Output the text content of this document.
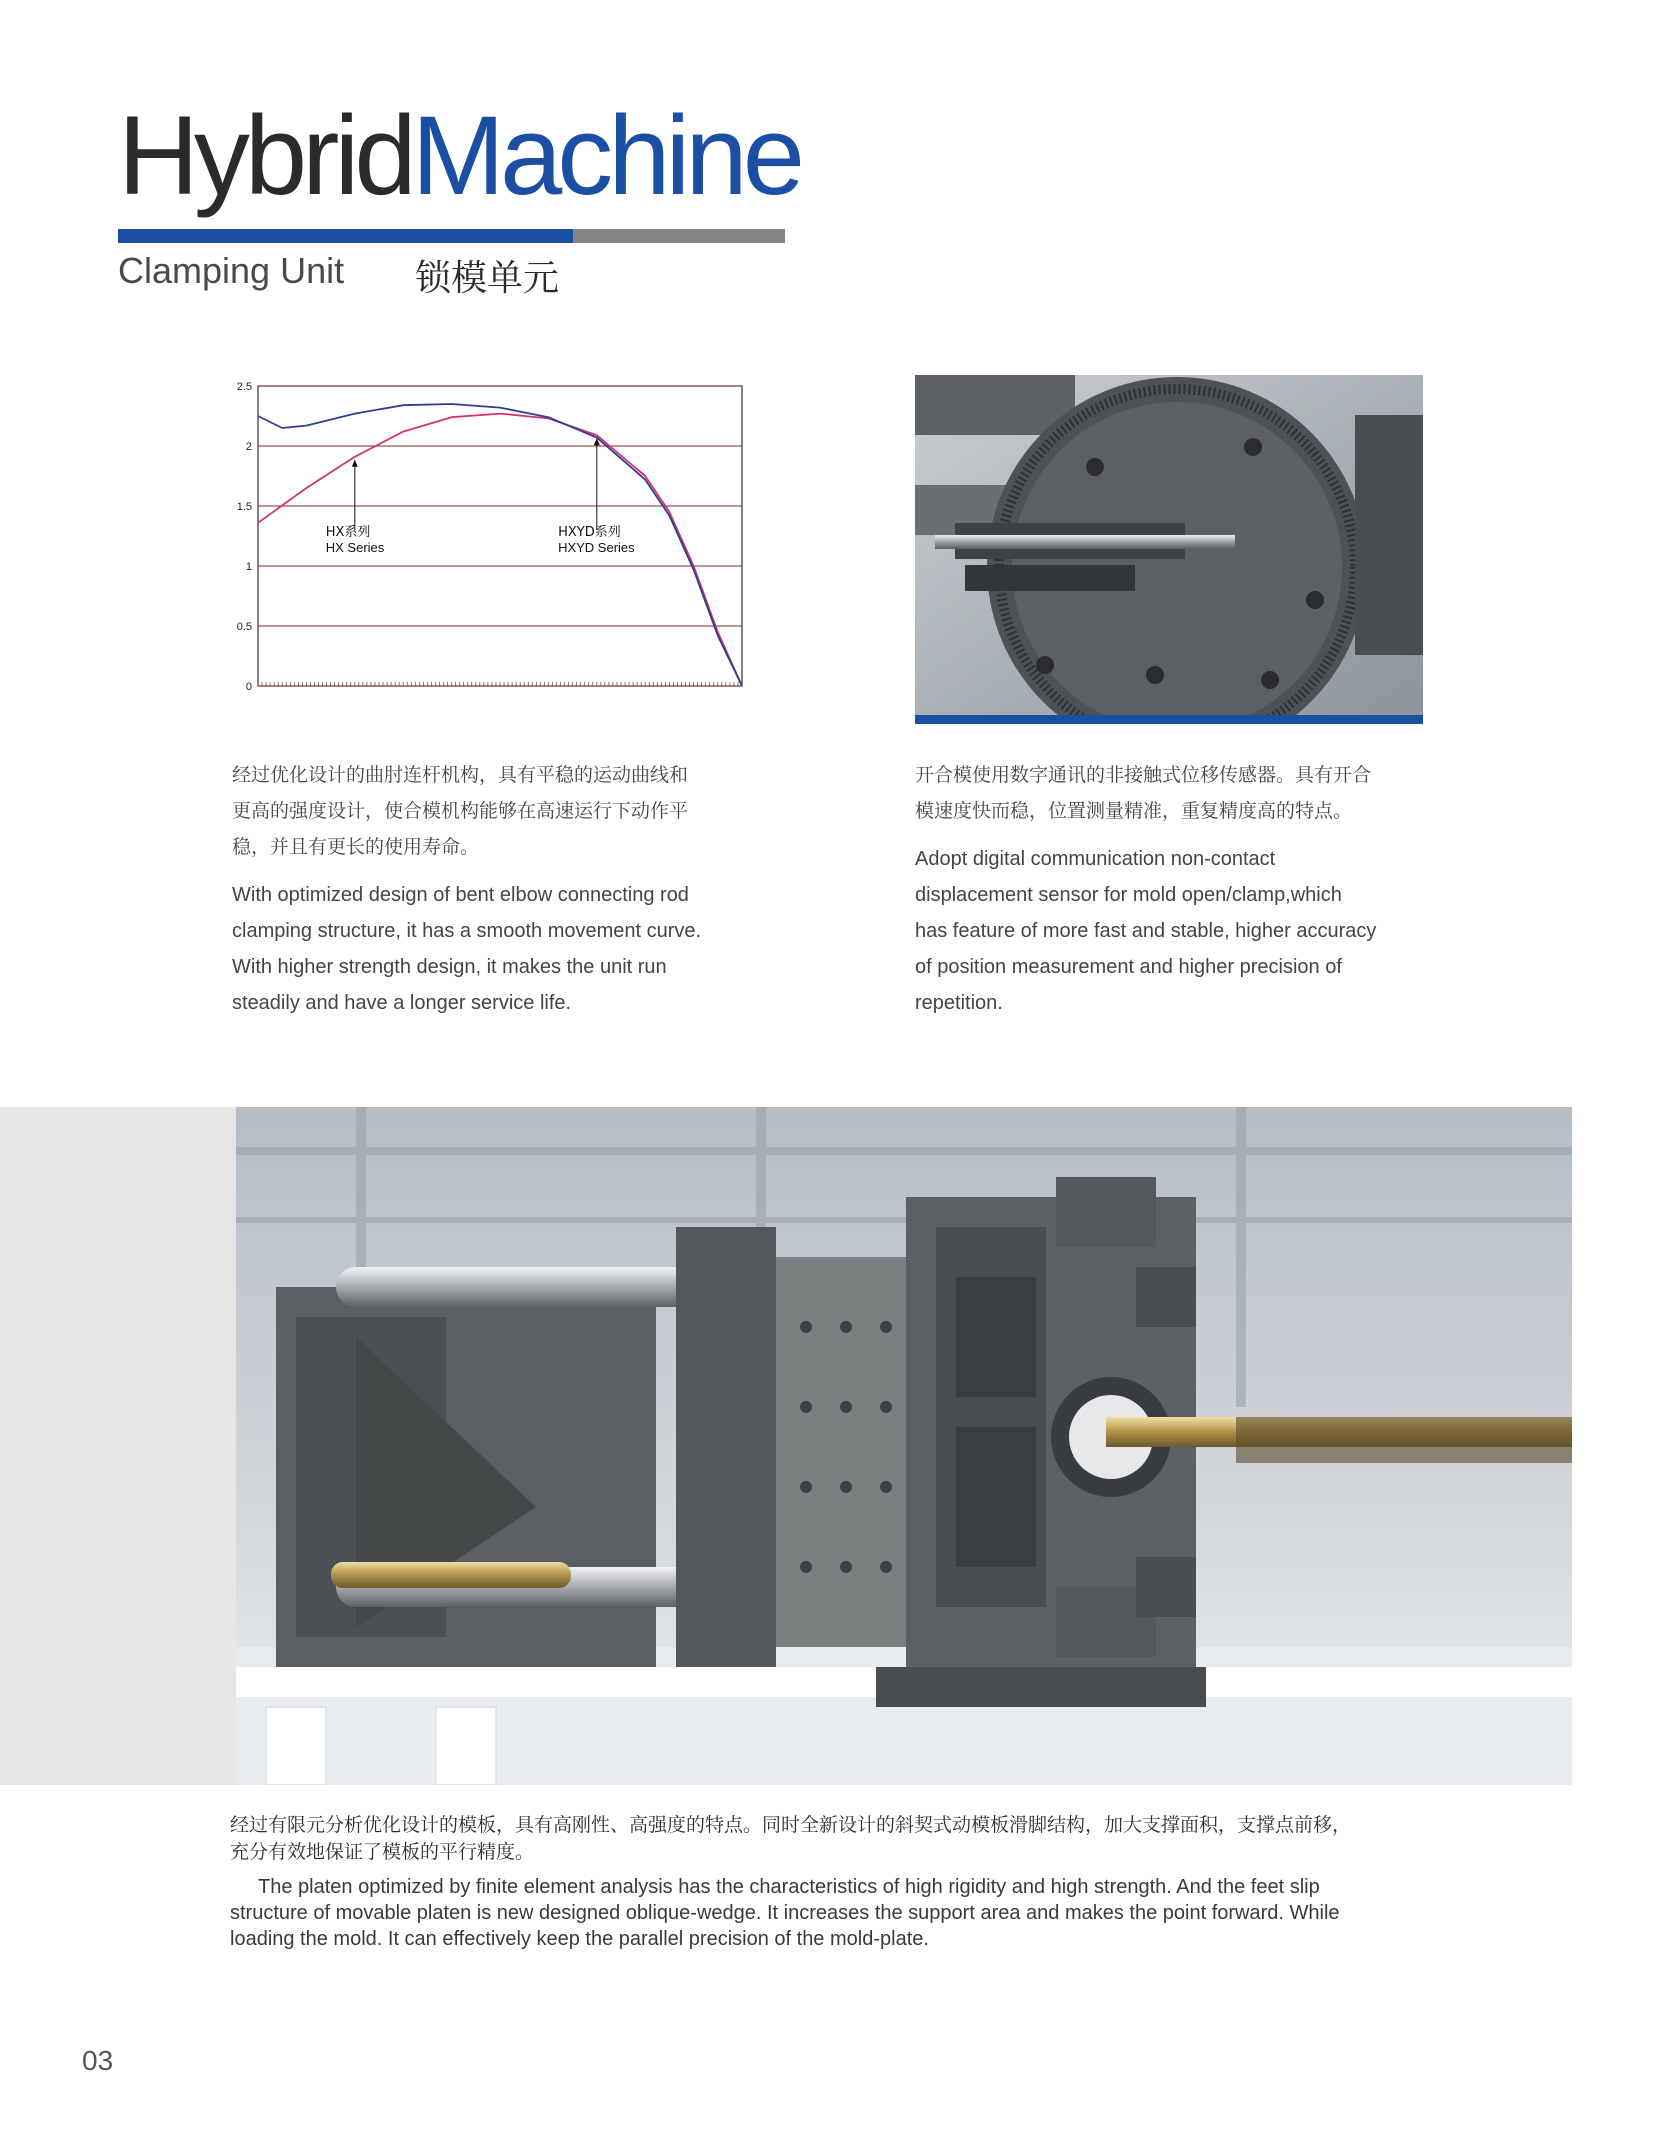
HybridMachine
Clamping Unit 锁模单元
0
0.5
1
1.5
2
2.5
HX系列
HX Series
HXYD系列
HXYD Series
经过优化设计的曲肘连杆机构，具有平稳的运动曲线和
更高的强度设计，使合模机构能够在高速运行下动作平
稳，并且有更长的使用寿命。
With optimized design of bent elbow connecting rod
clamping structure, it has a smooth movement curve.
With higher strength design, it makes the unit run
steadily and have a longer service life.
开合模使用数字通讯的非接触式位移传感器。具有开合
模速度快而稳，位置测量精准，重复精度高的特点。
Adopt digital communication non-contact
displacement sensor for mold open/clamp,which
has feature of more fast and stable, higher accuracy
of position measurement and higher precision of
repetition.
经过有限元分析优化设计的模板，具有高刚性、高强度的特点。同时全新设计的斜契式动模板滑脚结构，加大支撑面积，支撑点前移，
充分有效地保证了模板的平行精度。
The platen optimized by finite element analysis has the characteristics of high rigidity and high strength. And the feet slip
structure of movable platen is new designed oblique-wedge. It increases the support area and makes the point forward. While
loading the mold. It can effectively keep the parallel precision of the mold-plate.
03
